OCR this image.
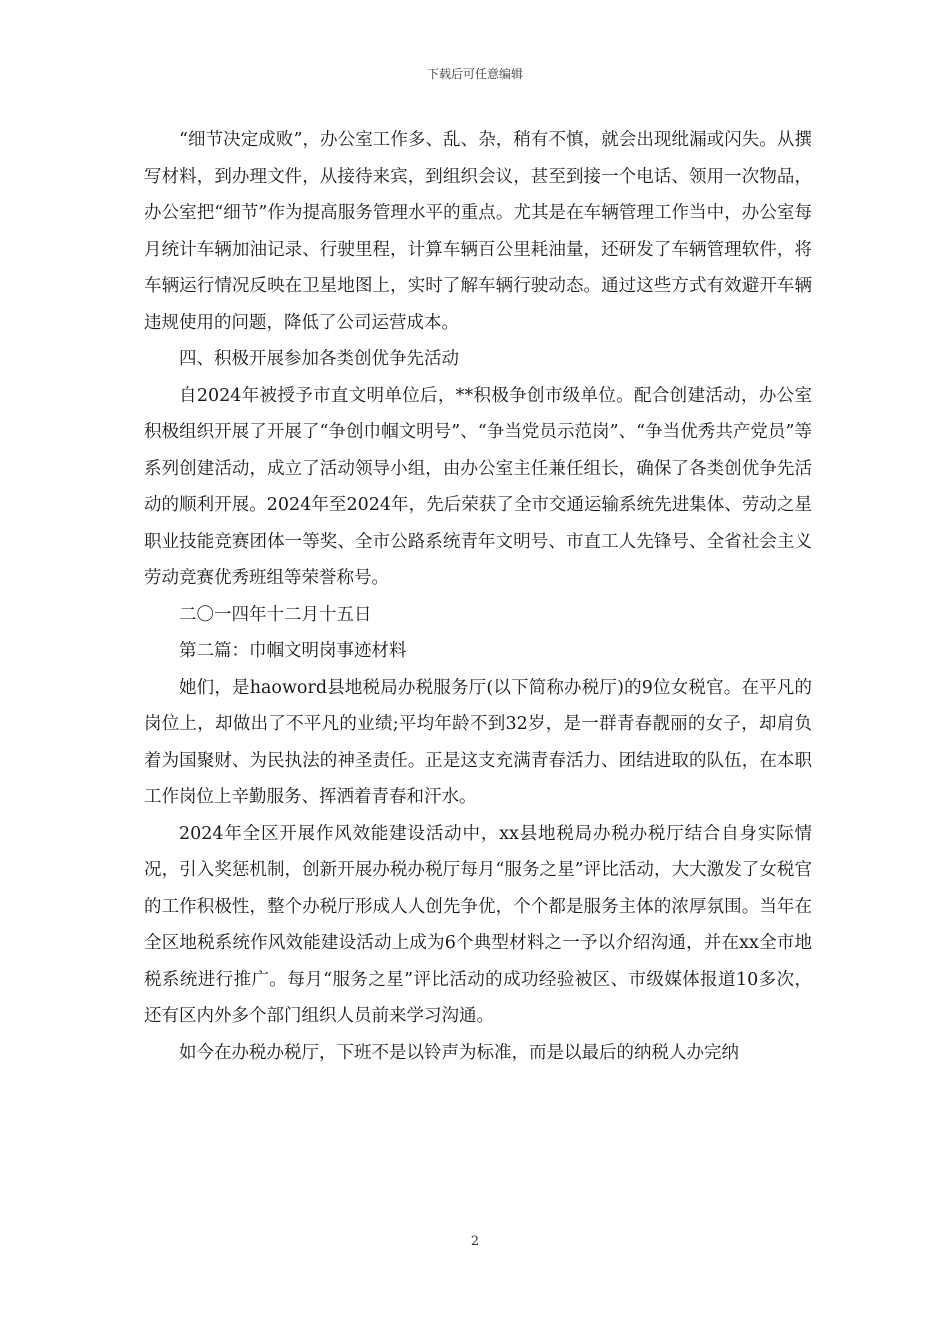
下载后可任意编辑

“细节决定成败”，办公室工作多、乱、杂，稍有不慎，就会出现纰漏或闪失。从撰写材料，到办理文件，从接待来宾，到组织会议，甚至到接一个电话、领用一次物品，办公室把“细节”作为提高服务管理水平的重点。尤其是在车辆管理工作当中，办公室每月统计车辆加油记录、行驶里程，计算车辆百公里耗油量，还研发了车辆管理软件，将车辆运行情况反映在卫星地图上，实时了解车辆行驶动态。通过这些方式有效避开车辆违规使用的问题，降低了公司运营成本。

四、积极开展参加各类创优争先活动

自2024年被授予市直文明单位后，**积极争创市级单位。配合创建活动，办公室积极组织开展了开展了“争创巾帼文明号”、“争当党员示范岗”、“争当优秀共产党员”等系列创建活动，成立了活动领导小组，由办公室主任兼任组长，确保了各类创优争先活动的顺利开展。2024年至2024年，先后荣获了全市交通运输系统先进集体、劳动之星职业技能竞赛团体一等奖、全市公路系统青年文明号、市直工人先锋号、全省社会主义劳动竞赛优秀班组等荣誉称号。

二〇一四年十二月十五日

第二篇：巾帼文明岗事迹材料

她们，是haoword县地税局办税服务厅(以下简称办税厅)的9位女税官。在平凡的岗位上，却做出了不平凡的业绩;平均年龄不到32岁，是一群青春靓丽的女子，却肩负着为国聚财、为民执法的神圣责任。正是这支充满青春活力、团结进取的队伍，在本职工作岗位上辛勤服务、挥洒着青春和汗水。

2024年全区开展作风效能建设活动中，xx县地税局办税办税厅结合自身实际情况，引入奖惩机制，创新开展办税办税厅每月“服务之星”评比活动，大大激发了女税官的工作积极性，整个办税厅形成人人创先争优，个个都是服务主体的浓厚氛围。当年在全区地税系统作风效能建设活动上成为6个典型材料之一予以介绍沟通，并在xx全市地税系统进行推广。每月“服务之星”评比活动的成功经验被区、市级媒体报道10多次，还有区内外多个部门组织人员前来学习沟通。

如今在办税办税厅，下班不是以铃声为标准，而是以最后的纳税人办完纳

2
